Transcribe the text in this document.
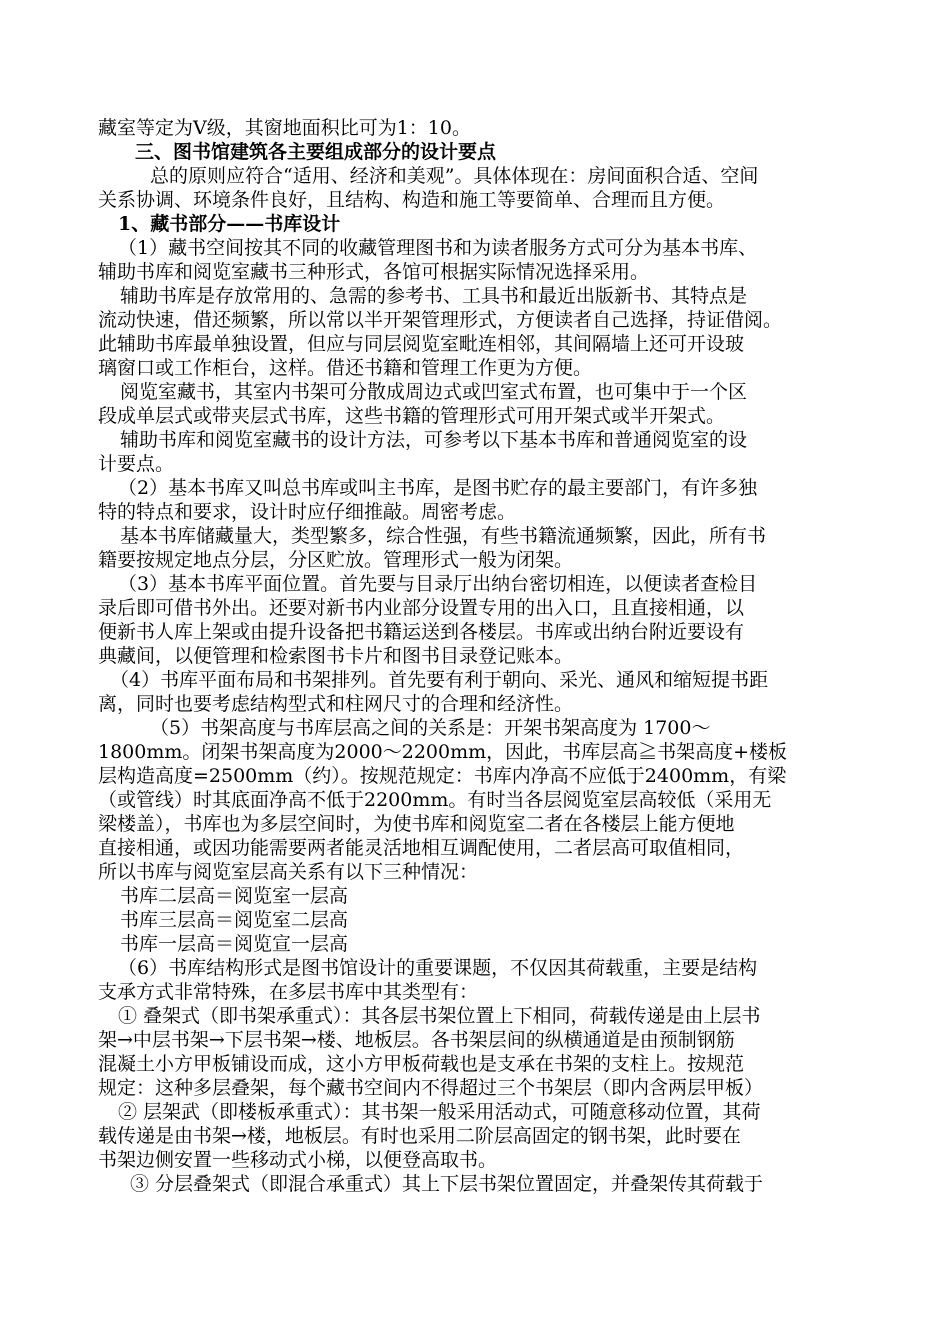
藏室等定为Ⅴ级，其窗地面积比可为1：10。
三、图书馆建筑各主要组成部分的设计要点
总的原则应符合“适用、经济和美观”。具体体现在：房间面积合适、空间
关系协调、环境条件良好，且结构、构造和施工等要简单、合理而且方便。
1、藏书部分——书库设计
（1）藏书空间按其不同的收藏管理图书和为读者服务方式可分为基本书库、
辅助书库和阅览室藏书三种形式，各馆可根据实际情况选择采用。
辅助书库是存放常用的、急需的参考书、工具书和最近出版新书、其特点是
流动快速，借还频繁，所以常以半开架管理形式，方便读者自己选择，持证借阅。
此辅助书库最单独设置，但应与同层阅览室毗连相邻，其间隔墙上还可开设玻
璃窗口或工作柜台，这样。借还书籍和管理工作更为方便。
阅览室藏书，其室内书架可分散成周边式或凹室式布置，也可集中于一个区
段成单层式或带夹层式书库，这些书籍的管理形式可用开架式或半开架式。
辅助书库和阅览室藏书的设计方法，可参考以下基本书库和普通阅览室的设
计要点。
（2）基本书库又叫总书库或叫主书库，是图书贮存的最主要部门，有许多独
特的特点和要求，设计时应仔细推敲。周密考虑。
基本书库储藏量大，类型繁多，综合性强，有些书籍流通频繁，因此，所有书
籍要按规定地点分层，分区贮放。管理形式一般为闭架。
（3）基本书库平面位置。首先要与目录厅出纳台密切相连，以便读者查检目
录后即可借书外出。还要对新书内业部分设置专用的出入口，且直接相通，以
便新书人库上架或由提升设备把书籍运送到各楼层。书库或出纳台附近要设有
典藏间，以便管理和检索图书卡片和图书目录登记账本。
（4）书库平面布局和书架排列。首先要有利于朝向、采光、通风和缩短提书距
离，同时也要考虑结构型式和柱网尺寸的合理和经济性。
（5）书架高度与书库层高之间的关系是：开架书架高度为 1700～
1800mm。闭架书架高度为2000～2200mm，因此，书库层高≧书架高度+楼板
层构造高度=2500mm（约）。按规范规定：书库内净高不应低于2400mm，有梁
（或管线）时其底面净高不低于2200mm。有时当各层阅览室层高较低（采用无
梁楼盖），书库也为多层空间时，为使书库和阅览室二者在各楼层上能方便地
直接相通，或因功能需要两者能灵活地相互调配使用，二者层高可取值相同，
所以书库与阅览室层高关系有以下三种情况：
书库二层高＝阅览室一层高
书库三层高＝阅览室二层高
书库一层高＝阅览宣一层高
（6）书库结构形式是图书馆设计的重要课题，不仅因其荷载重，主要是结构
支承方式非常特殊，在多层书库中其类型有：
① 叠架式（即书架承重式）：其各层书架位置上下相同，荷载传递是由上层书
架→中层书架→下层书架→楼、地板层。各书架层间的纵横通道是由预制钢筋
混凝土小方甲板铺设而成，这小方甲板荷载也是支承在书架的支柱上。按规范
规定：这种多层叠架，每个藏书空间内不得超过三个书架层（即内含两层甲板）
② 层架武（即楼板承重式）：其书架一般采用活动式，可随意移动位置，其荷
载传递是由书架→楼，地板层。有时也采用二阶层高固定的钢书架，此时要在
书架边侧安置一些移动式小梯，以便登高取书。
③ 分层叠架式（即混合承重式）其上下层书架位置固定，并叠架传其荷载于
